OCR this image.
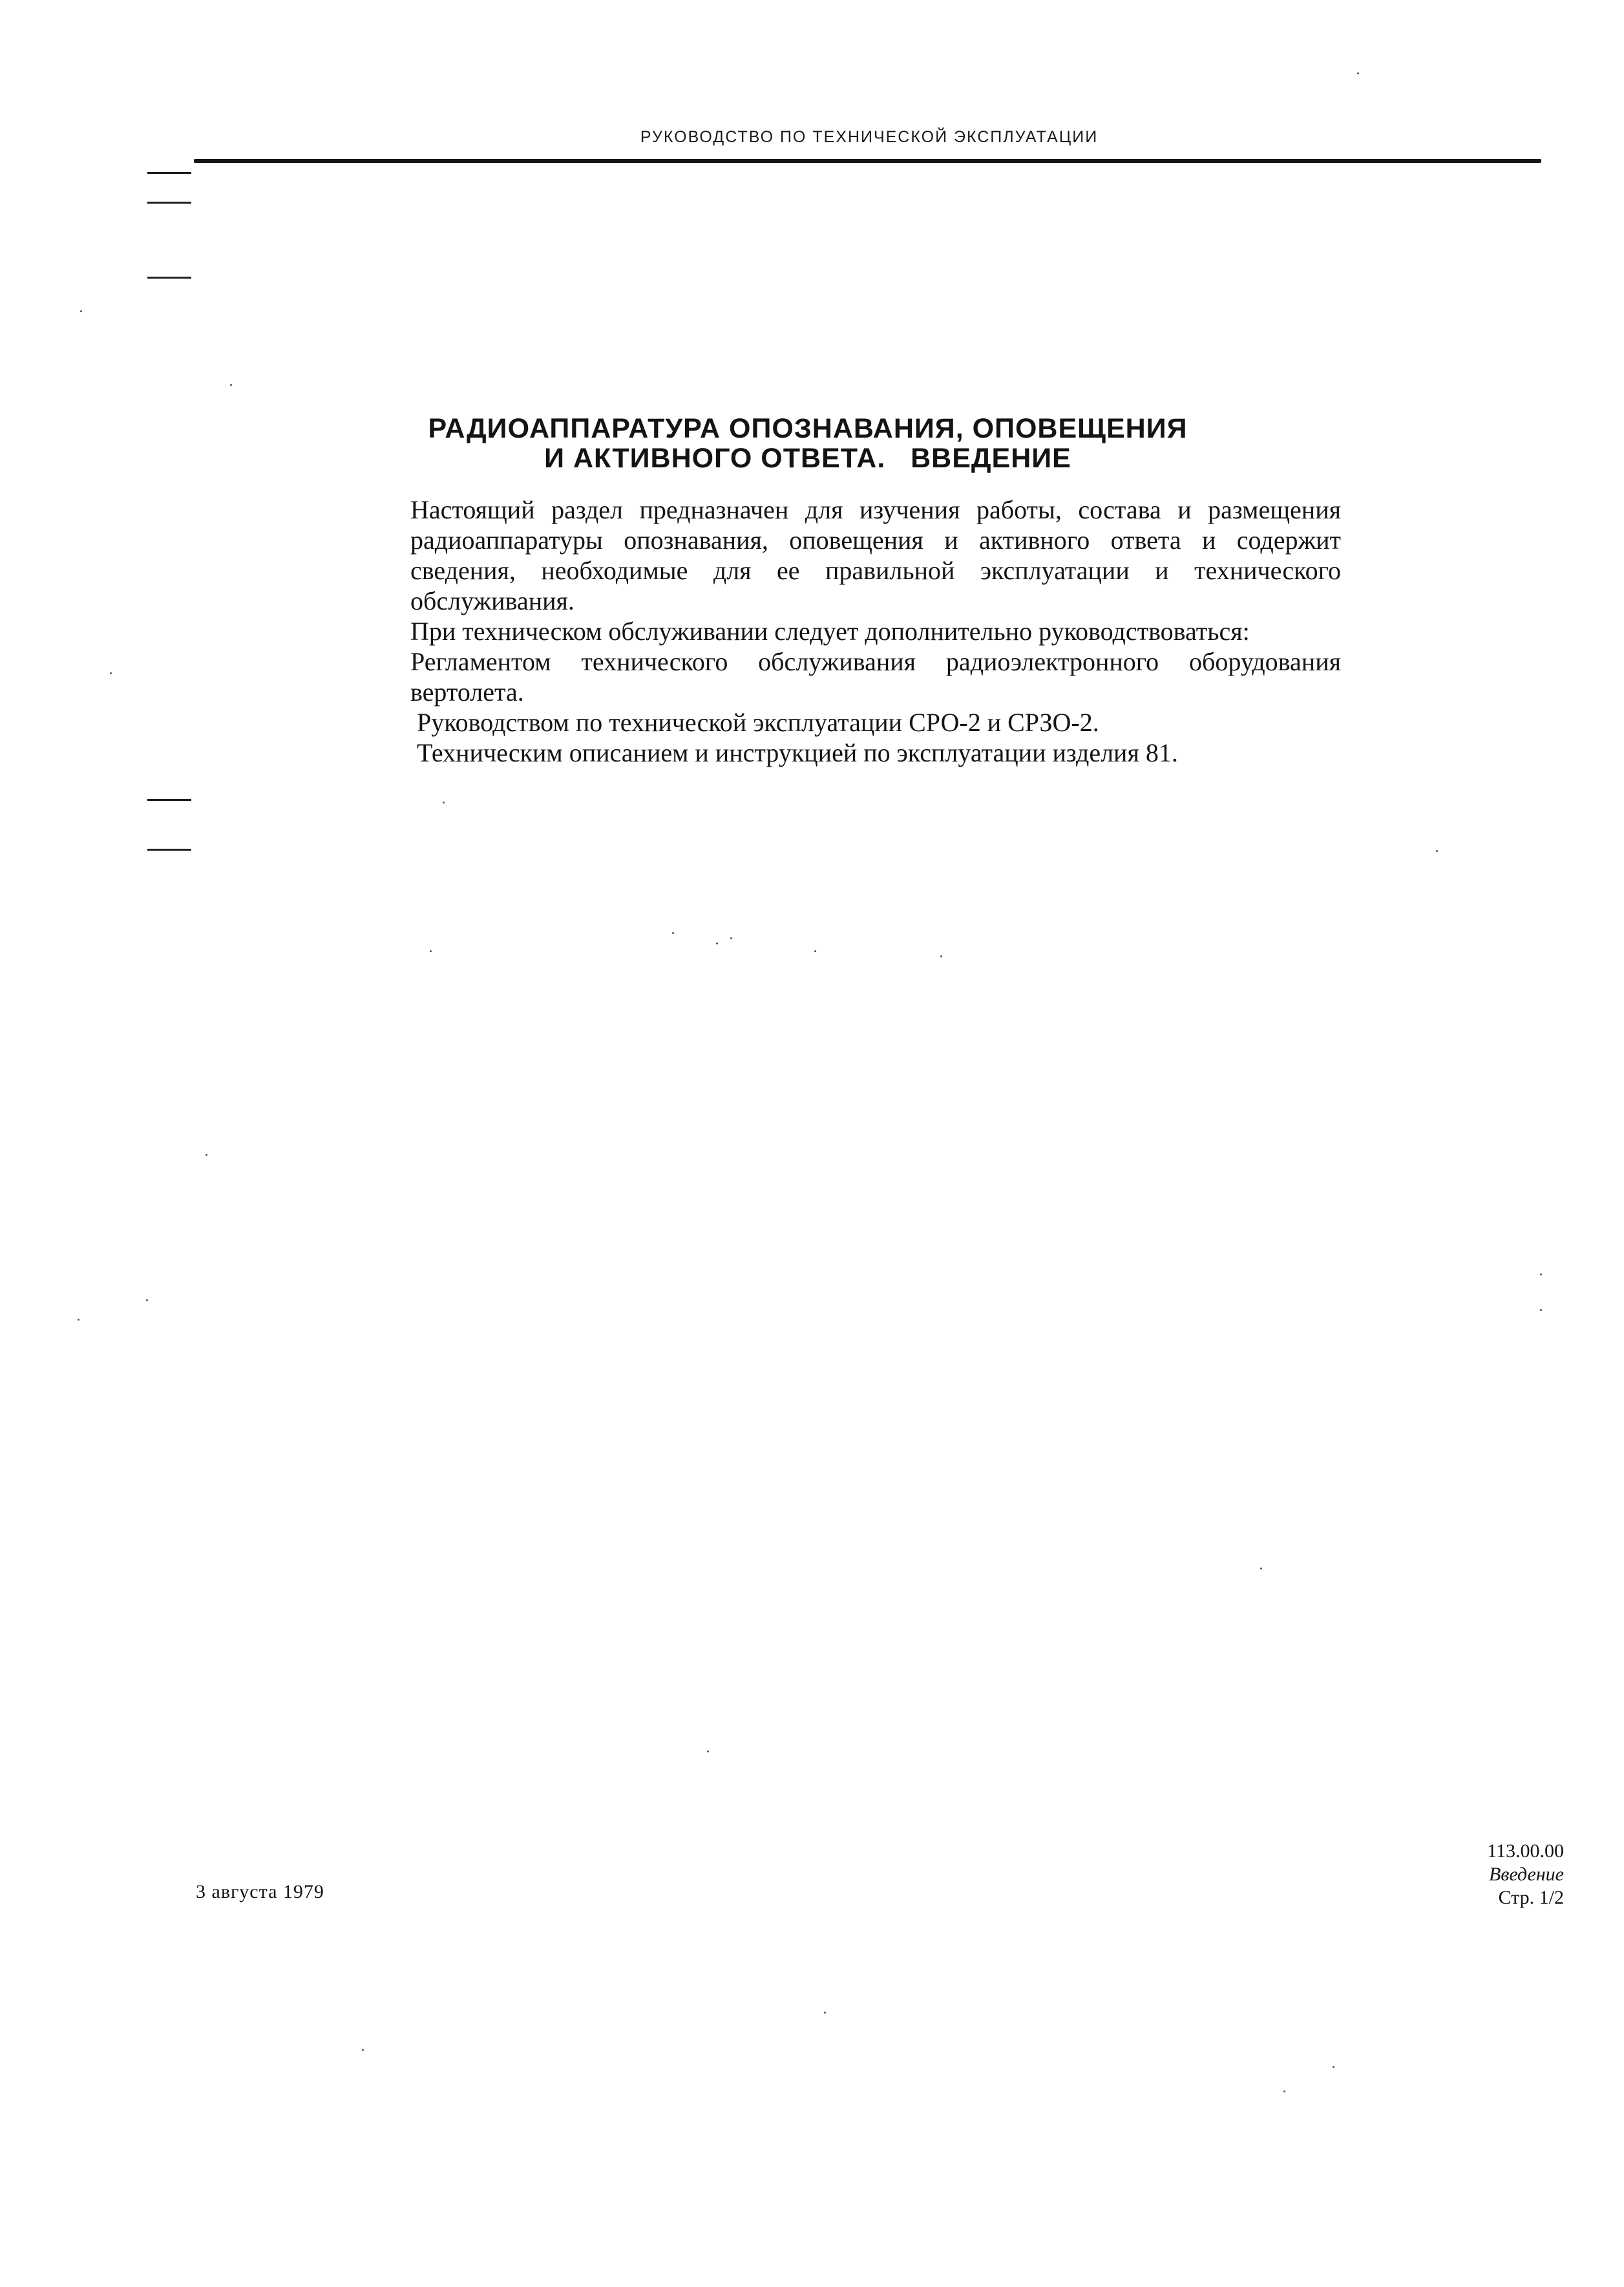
РУКОВОДСТВО ПО ТЕХНИЧЕСКОЙ ЭКСПЛУАТАЦИИ
РАДИОАППАРАТУРА ОПОЗНАВАНИЯ, ОПОВЕЩЕНИЯ
И АКТИВНОГО ОТВЕТА.   ВВЕДЕНИЕ

Настоящий раздел предназначен для изучения работы, состава и размещения радиоаппаратуры опознавания, оповещения и активного ответа и содержит сведения, необходимые для ее правильной эксплуатации и технического обслуживания.

При техническом обслуживании следует дополнительно руководствоваться:

Регламентом технического обслуживания радиоэлектронного оборудования вертолета.

Руководством по технической эксплуатации СРО-2 и СРЗО-2.

Техническим описанием и инструкцией по эксплуатации изделия 81.

3 августа 1979
113.00.00
Введение
Стр. 1/2
